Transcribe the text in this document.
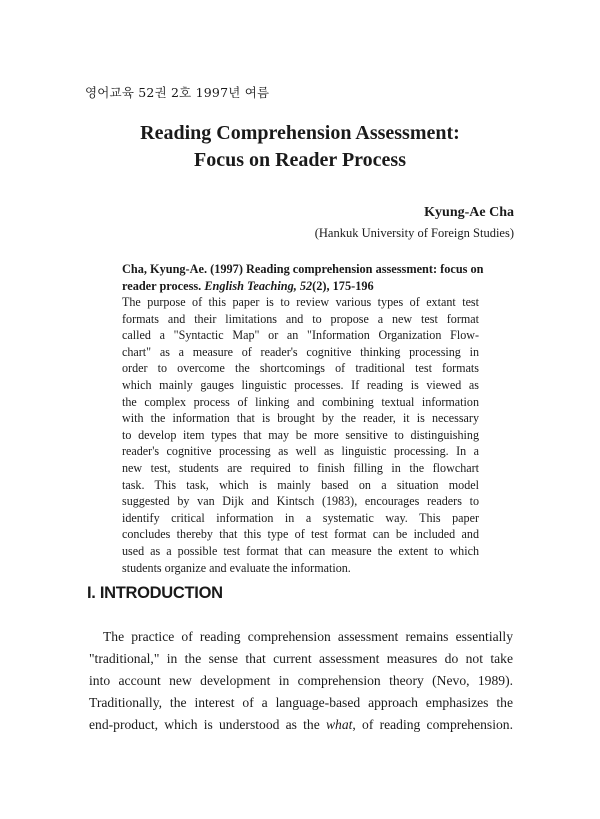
영어교육 52권 2호 1997년 여름
Reading Comprehension Assessment:
Focus on Reader Process
Kyung-Ae Cha
(Hankuk University of Foreign Studies)
Cha, Kyung-Ae. (1997) Reading comprehension assessment: focus on reader process. English Teaching, 52(2), 175-196
The purpose of this paper is to review various types of extant test
formats and their limitations and to propose a new test format
called a "Syntactic Map" or an "Information Organization Flow-
chart" as a measure of reader's cognitive thinking processing in
order to overcome the shortcomings of traditional test formats
which mainly gauges linguistic processes. If reading is viewed as
the complex process of linking and combining textual information
with the information that is brought by the reader, it is necessary
to develop item types that may be more sensitive to distinguishing
reader's cognitive processing as well as linguistic processing. In a
new test, students are required to finish filling in the flowchart
task. This task, which is mainly based on a situation model
suggested by van Dijk and Kintsch (1983), encourages readers to
identify critical information in a systematic way. This paper
concludes thereby that this type of test format can be included and
used as a possible test format that can measure the extent to which
students organize and evaluate the information.
I. INTRODUCTION
The practice of reading comprehension assessment remains essentially
"traditional," in the sense that current assessment measures do not take
into account new development in comprehension theory (Nevo, 1989).
Traditionally, the interest of a language-based approach emphasizes the
end-product, which is understood as the what, of reading comprehension.
